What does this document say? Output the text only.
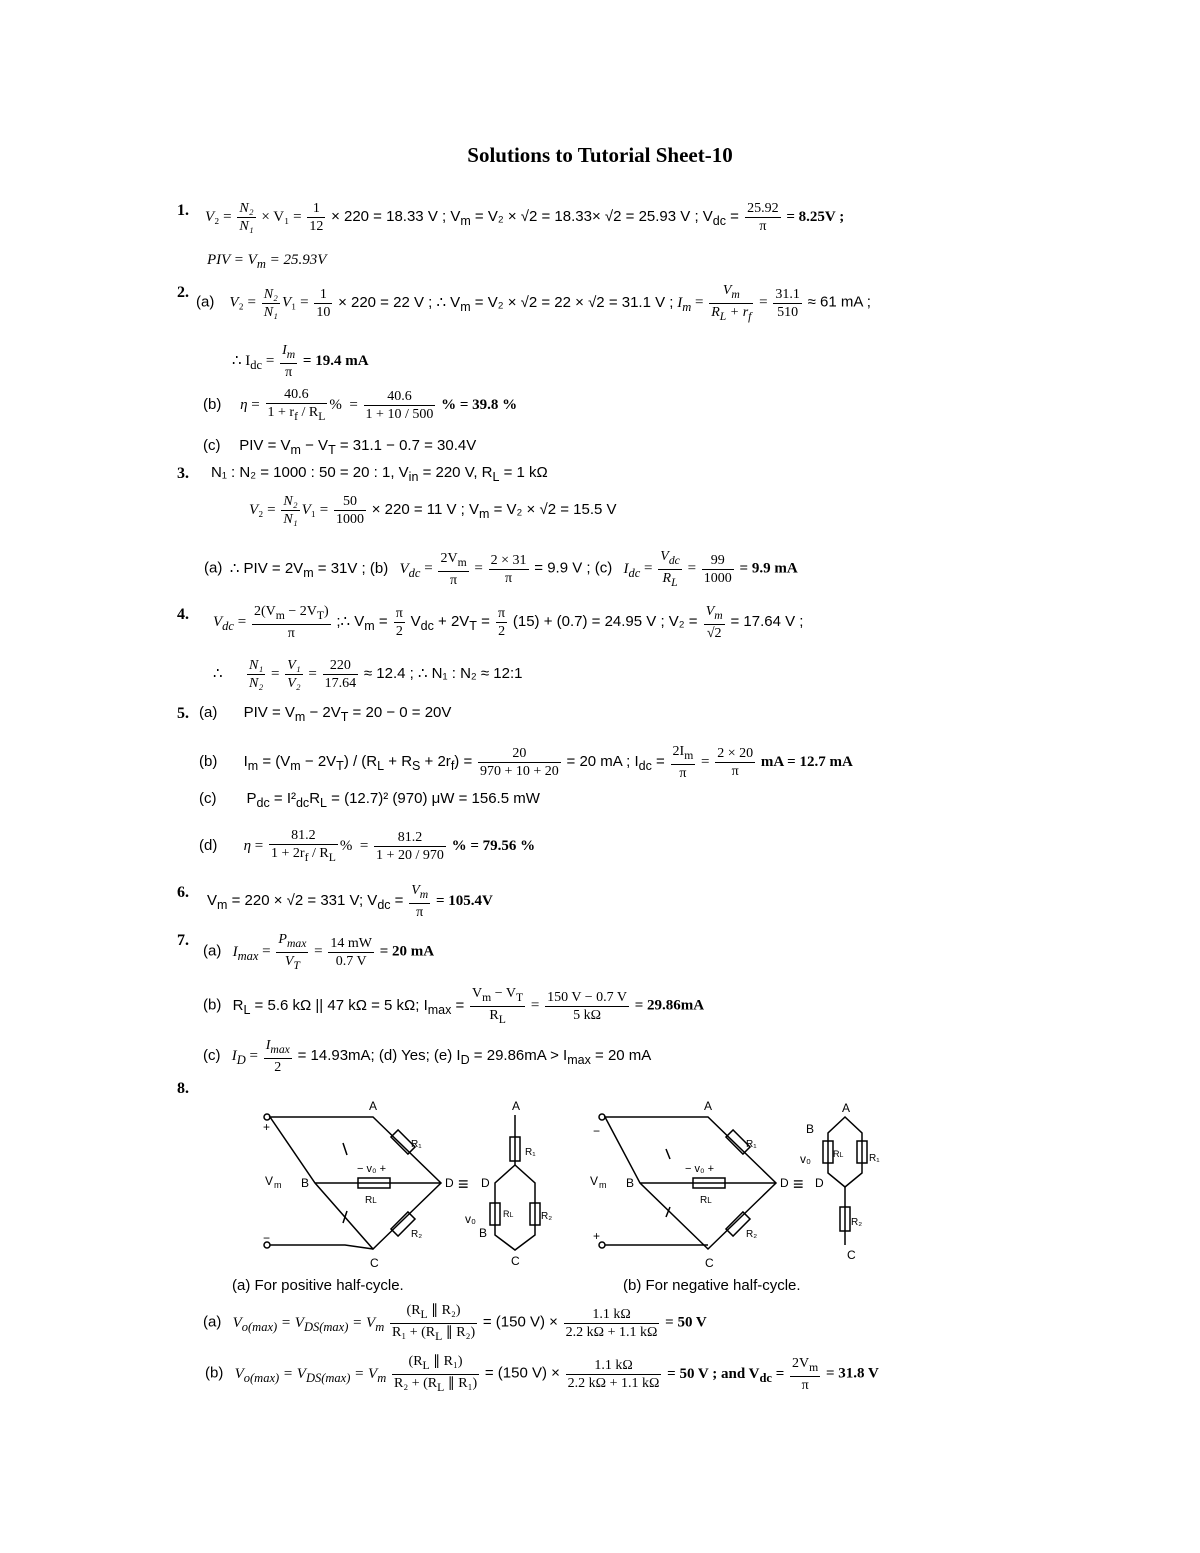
Solutions to Tutorial Sheet-10
1. $V_2 = \frac{\text{N₂}}{\text{N₁}} \times V_1 = \frac{1}{12} \times 220 = 18.33$ V ; $V_m = V_2 \times √2 = 18.33\times √2 = 25.93$ V ; $V_{dc} = \frac{25.92}{\pi} = 8.25V$ ;
PIV = $V_m = 25.93V$
2.
(a) $V_2 = \frac{\text{N₂}}{\text{N₁}} V_1 = \frac{1}{10} \times 220 = 22$ V ; ∴ $V_m = V_2 \times √2 = 22 \times √2 = 31.1$ V ; $I_m = \frac{V_m}{R_L + r_f} = \frac{31.1}{510} \approx 61$ mA ;
∴ $I_{dc} = \frac{I_m}{\pi} = 19.4$ mA
(b) $\eta = \frac{40.6}{1 + r_f / R_L}$ %  = $\frac{40.6}{1 + 10 / 500}$ % = 39.8 %
(c) PIV = $V_m - V_T = 31.1 - 0.7 = 30.4V$
3. N₁ : N₂ = 1000 : 50 = 20 : 1, $V_{in} = 220$ V, $R_L = 1$ kΩ
$V_2 = \frac{\text{N₂}}{\text{N₁}} V_1 = \frac{50}{1000} \times 220 = 11$ V ; $V_m = V_2 \times √2 = 15.5$ V
(a) ∴ PIV = $2V_m = 31V$ ; (b) $V_{dc} = \frac{2V_m}{\pi} = \frac{2 \times 31}{\pi} = 9.9$ V ; (c) $I_{dc} = \frac{V_{dc}}{R_L} = \frac{99}{1000} = 9.9$ mA
4. $V_{dc} = \frac{2(V_m - 2V_T)}{\pi}$ ;∴ $V_m = \frac{\pi}{2} V_{dc} + 2V_T = \frac{\pi}{2} (15) + (0.7) = 24.95$ V ; $V_2 = \frac{V_m}{√2} = 17.64$ V ;
∴ $\frac{\text{N₁}}{\text{N₂}} = \frac{\text{V₁}}{\text{V₂}} = \frac{220}{17.64} \approx 12.4$ ; ∴ N₁ : N₂ ≈ 12:1
5. (a) PIV = $V_m - 2V_T = 20 - 0 = 20V$
(b) $I_m = (V_m - 2V_T) / (R_L + R_S + 2r_f) = \frac{20}{970 + 10 + 20} = 20$ mA ; $I_{dc} = \frac{2I_m}{\pi} = \frac{2 \times 20}{\pi}$ mA = 12.7 mA
(c) $P_{dc} = I^2_{dc}R_L = (12.7)^2$ (970) μW = 156.5 mW
(d) $\eta = \frac{81.2}{1 + 2r_f / R_L}$ %  = $\frac{81.2}{1 + 20 / 970}$ % = 79.56 %
6. $V_m = 220 \times √2 = 331$ V; $V_{dc} = \frac{V_m}{\pi} = 105.4V$
7.
(a) $I_{max} = \frac{P_{max}}{V_T} = \frac{14 mW}{0.7 V} = 20$ mA
(b) $R_L = 5.6$ kΩ || 47 kΩ = 5 kΩ; $I_{max} = \frac{V_m - V_T}{R_L} = \frac{150 V - 0.7 V}{5 k\Omega} = 29.86mA$
(c) $I_D = \frac{I_{max}}{2} = 14.93mA$; (d) Yes; (e) $I_D = 29.86mA > I_{max} = 20$ mA
8.
A
B
C
D
V m
+
−
R₁
R₂
RL
− v₀ +
≡
A
R₁
D
B
C
RL	R₂
v₀
A
B
C
D
V m
−
+
R₁
R₂
RL
− v₀ +
≡
A
B
v₀ RL	R₁
D
R₂
C
(a) For positive half-cycle.	(b) For negative half-cycle.
(a) $V_{o(max)} = V_{DS(max)} = V_m \frac{(R_L \parallel R_2)}{R_1 + (R_L \parallel R_2)} = (150$ $V) \times \frac{1.1 k\Omega}{2.2 k\Omega + 1.1 k\Omega} = 50$ V
(b) $V_{o(max)} = V_{DS(max)} = V_m \frac{(R_L \parallel R_1)}{R_2 + (R_L \parallel R_1)} = (150$ $V) \times \frac{1.1 k\Omega}{2.2 k\Omega + 1.1 k\Omega} = 50$ V ; and $V_{dc} = \frac{2V_m}{\pi} = 31.8$ V
